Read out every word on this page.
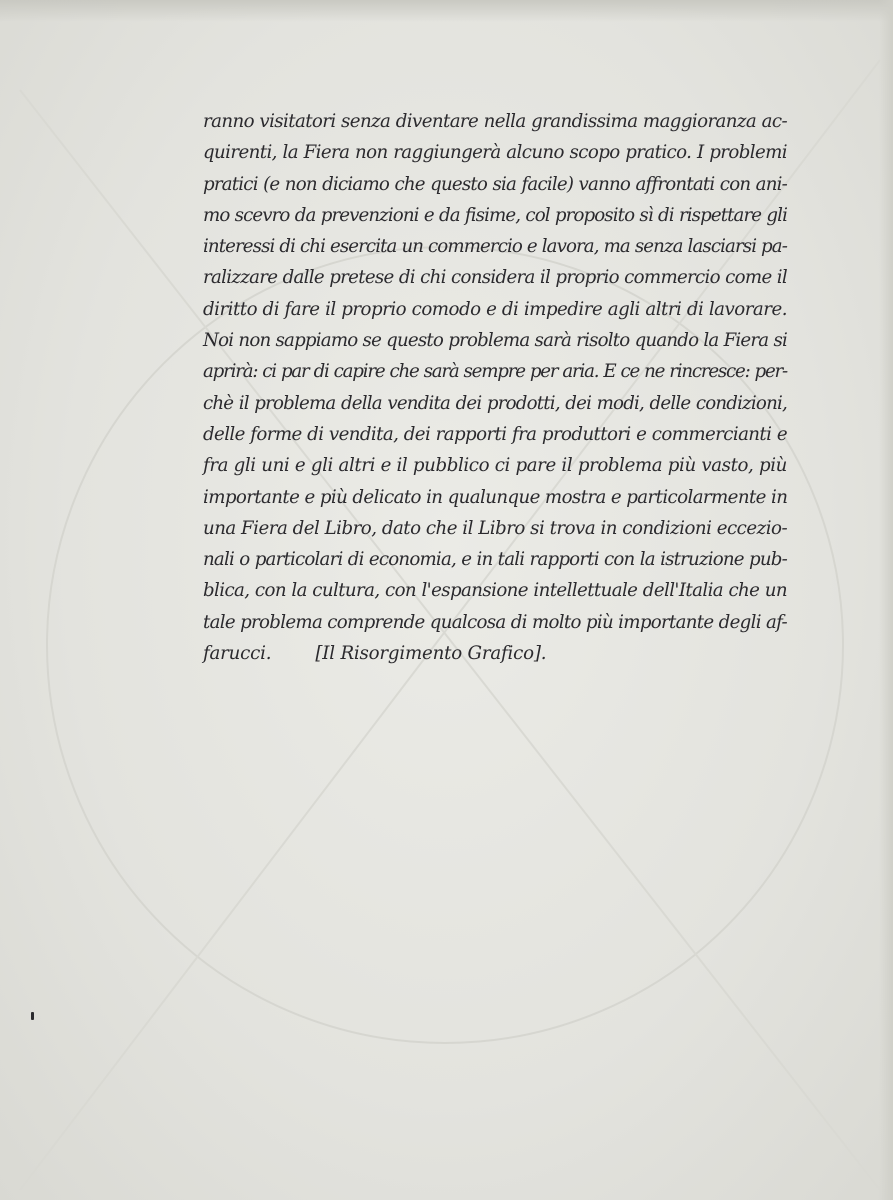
ranno visitatori senza diventare nella grandissima maggioranza ac-
quirenti, la Fiera non raggiungerà alcuno scopo pratico. I problemi
pratici (e non diciamo che questo sia facile) vanno affrontati con ani-
mo scevro da prevenzioni e da fisime, col proposito sì di rispettare gli
interessi di chi esercita un commercio e lavora, ma senza lasciarsi pa-
ralizzare dalle pretese di chi considera il proprio commercio come il
diritto di fare il proprio comodo e di impedire agli altri di lavorare.
Noi non sappiamo se questo problema sarà risolto quando la Fiera si
aprirà: ci par di capire che sarà sempre per aria. E ce ne rincresce: per-
chè il problema della vendita dei prodotti, dei modi, delle condizioni,
delle forme di vendita, dei rapporti fra produttori e commercianti e
fra gli uni e gli altri e il pubblico ci pare il problema più vasto, più
importante e più delicato in qualunque mostra e particolarmente in
una Fiera del Libro, dato che il Libro si trova in condizioni eccezio-
nali o particolari di economia, e in tali rapporti con la istruzione pub-
blica, con la cultura, con l'espansione intellettuale dell'Italia che un
tale problema comprende qualcosa di molto più importante degli af-
farucci. [Il Risorgimento Grafico].
